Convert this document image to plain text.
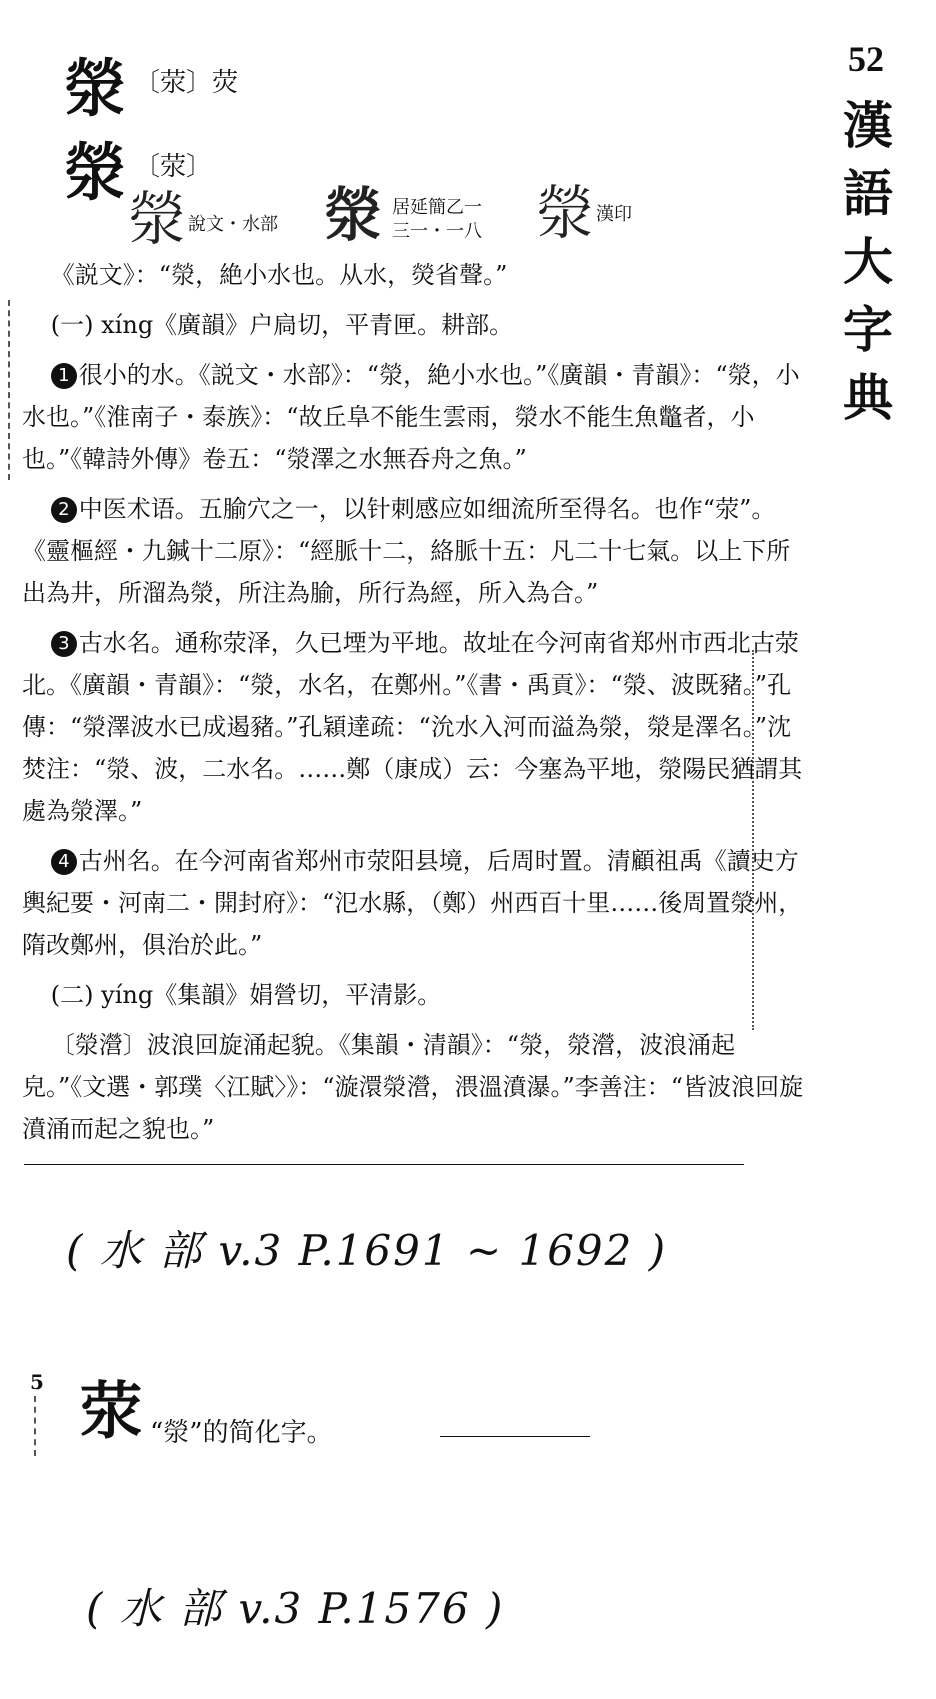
52
漢
語
大
字
典
滎 〔荥〕荧
滎 〔荥〕
滎 說文・水部 滎 居延簡乙一
三一・一八 滎 漢印

《説文》：“滎，絶小水也。从水，熒省聲。”

(一) xíng《廣韻》户扃切，平青匣。耕部。

1 很小的水。《説文・水部》：“滎，絶小水也。”《廣韻・青韻》：“滎，小水也。”《淮南子・泰族》：“故丘阜不能生雲雨，滎水不能生魚鼈者，小也。”《韓詩外傳》卷五：“滎澤之水無吞舟之魚。”

2 中医术语。五腧穴之一，以针刺感应如细流所至得名。也作“荥”。《靈樞經・九鍼十二原》：“經脈十二，絡脈十五：凡二十七氣。以上下所出為井，所溜為滎，所注為腧，所行為經，所入為合。”

3 古水名。通称荥泽，久已堙为平地。故址在今河南省郑州市西北古荥北。《廣韻・青韻》：“滎，水名，在鄭州。”《書・禹貢》：“滎、波既豬。”孔傳：“滎澤波水已成遏豬。”孔穎達疏：“沇水入河而溢為滎，滎是澤名。”沈焚注：“滎、波，二水名。……鄭（康成）云：今塞為平地，滎陽民猶謂其處為滎澤。”

4 古州名。在今河南省郑州市荥阳县境，后周时置。清顧祖禹《讀史方輿紀要・河南二・開封府》：“氾水縣，（鄭）州西百十里……後周置滎州，隋改鄭州，俱治於此。”

(二) yíng《集韻》娟營切，平清影。

〔滎瀯〕波浪回旋涌起貌。《集韻・清韻》：“滎，滎瀯，波浪涌起皃。”《文選・郭璞〈江賦〉》：“漩澴滎瀯，渨溫濆瀑。”李善注：“皆波浪回旋濆涌而起之貌也。”

( 水 部 v.3 P.1691 ~ 1692 )
5 荥 “滎”的简化字。
( 水 部 v.3 P.1576 )
